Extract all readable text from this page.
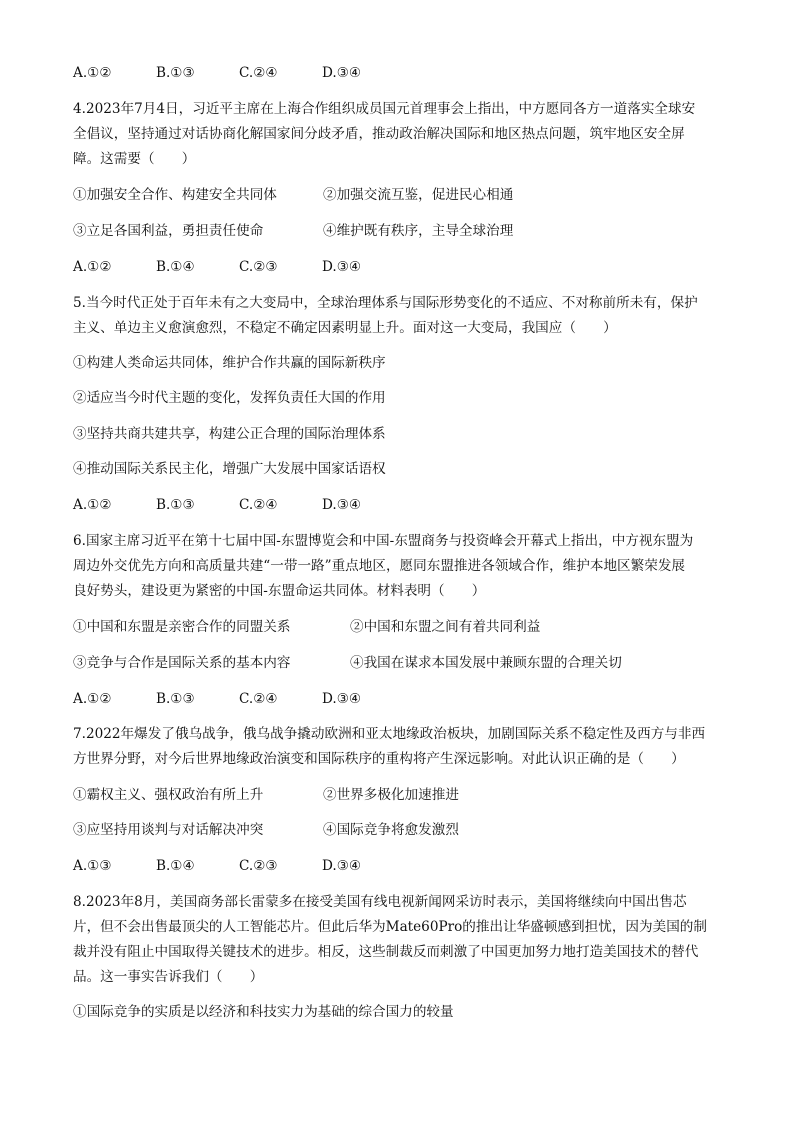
A.①②	B.①③	C.②④	D.③④
4.2023年7月4日，习近平主席在上海合作组织成员国元首理事会上指出，中方愿同各方一道落实全球安
全倡议，坚持通过对话协商化解国家间分歧矛盾，推动政治解决国际和地区热点问题，筑牢地区安全屏
障。这需要（　　）
①加强安全合作、构建安全共同体	②加强交流互鉴，促进民心相通
③立足各国利益，勇担责任使命	④维护既有秩序，主导全球治理
A.①②	B.①④	C.②③	D.③④
5.当今时代正处于百年未有之大变局中，全球治理体系与国际形势变化的不适应、不对称前所未有，保护
主义、单边主义愈演愈烈，不稳定不确定因素明显上升。面对这一大变局，我国应（　　）
①构建人类命运共同体，维护合作共赢的国际新秩序
②适应当今时代主题的变化，发挥负责任大国的作用
③坚持共商共建共享，构建公正合理的国际治理体系
④推动国际关系民主化，增强广大发展中国家话语权
A.①②	B.①③	C.②④	D.③④
6.国家主席习近平在第十七届中国-东盟博览会和中国-东盟商务与投资峰会开幕式上指出，中方视东盟为
周边外交优先方向和高质量共建“一带一路”重点地区，愿同东盟推进各领域合作，维护本地区繁荣发展
良好势头，建设更为紧密的中国-东盟命运共同体。材料表明（　　）
①中国和东盟是亲密合作的同盟关系	②中国和东盟之间有着共同利益
③竞争与合作是国际关系的基本内容	④我国在谋求本国发展中兼顾东盟的合理关切
A.①②	B.①③	C.②④	D.③④
7.2022年爆发了俄乌战争，俄乌战争撬动欧洲和亚太地缘政治板块，加剧国际关系不稳定性及西方与非西
方世界分野，对今后世界地缘政治演变和国际秩序的重构将产生深远影响。对此认识正确的是（　　）
①霸权主义、强权政治有所上升	②世界多极化加速推进
③应坚持用谈判与对话解决冲突	④国际竞争将愈发激烈
A.①③	B.①④	C.②③	D.③④
8.2023年8月，美国商务部长雷蒙多在接受美国有线电视新闻网采访时表示，美国将继续向中国出售芯
片，但不会出售最顶尖的人工智能芯片。但此后华为Mate60Pro的推出让华盛顿感到担忧，因为美国的制
裁并没有阻止中国取得关键技术的进步。相反，这些制裁反而刺激了中国更加努力地打造美国技术的替代
品。这一事实告诉我们（　　）
①国际竞争的实质是以经济和科技实力为基础的综合国力的较量
